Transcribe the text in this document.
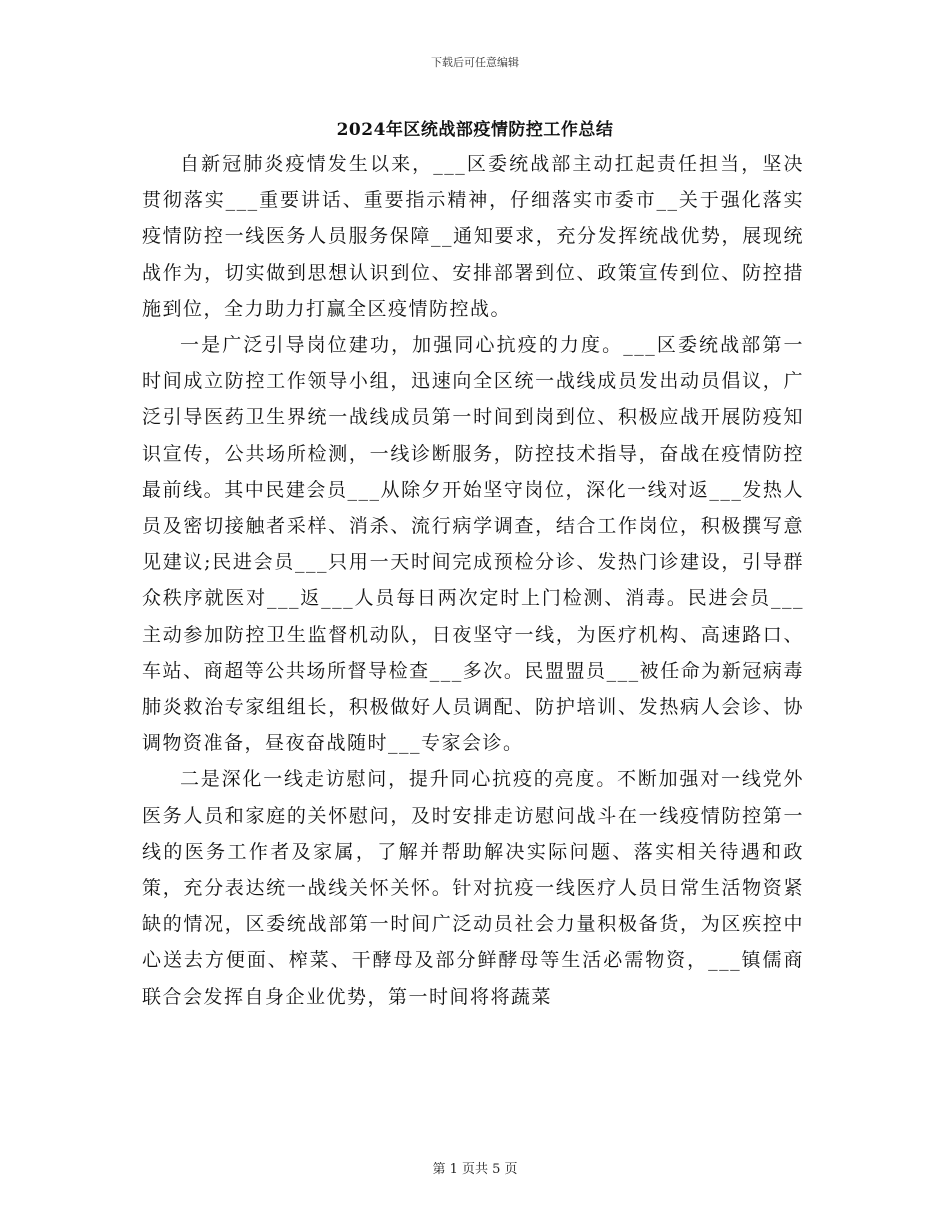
下载后可任意编辑
2024年区统战部疫情防控工作总结

自新冠肺炎疫情发生以来，___区委统战部主动扛起责任担当，坚决贯彻落实___重要讲话、重要指示精神，仔细落实市委市__关于强化落实疫情防控一线医务人员服务保障__通知要求，充分发挥统战优势，展现统战作为，切实做到思想认识到位、安排部署到位、政策宣传到位、防控措施到位，全力助力打赢全区疫情防控战。

一是广泛引导岗位建功，加强同心抗疫的力度。___区委统战部第一时间成立防控工作领导小组，迅速向全区统一战线成员发出动员倡议，广泛引导医药卫生界统一战线成员第一时间到岗到位、积极应战开展防疫知识宣传，公共场所检测，一线诊断服务，防控技术指导，奋战在疫情防控最前线。其中民建会员___从除夕开始坚守岗位，深化一线对返___发热人员及密切接触者采样、消杀、流行病学调查，结合工作岗位，积极撰写意见建议;民进会员___只用一天时间完成预检分诊、发热门诊建设，引导群众秩序就医对___返___人员每日两次定时上门检测、消毒。民进会员___主动参加防控卫生监督机动队，日夜坚守一线，为医疗机构、高速路口、车站、商超等公共场所督导检查___多次。民盟盟员___被任命为新冠病毒肺炎救治专家组组长，积极做好人员调配、防护培训、发热病人会诊、协调物资准备，昼夜奋战随时___专家会诊。

二是深化一线走访慰问，提升同心抗疫的亮度。不断加强对一线党外医务人员和家庭的关怀慰问，及时安排走访慰问战斗在一线疫情防控第一线的医务工作者及家属，了解并帮助解决实际问题、落实相关待遇和政策，充分表达统一战线关怀关怀。针对抗疫一线医疗人员日常生活物资紧缺的情况，区委统战部第一时间广泛动员社会力量积极备货，为区疾控中心送去方便面、榨菜、干酵母及部分鲜酵母等生活必需物资，___镇儒商联合会发挥自身企业优势，第一时间将将蔬菜

第 1 页共 5 页
